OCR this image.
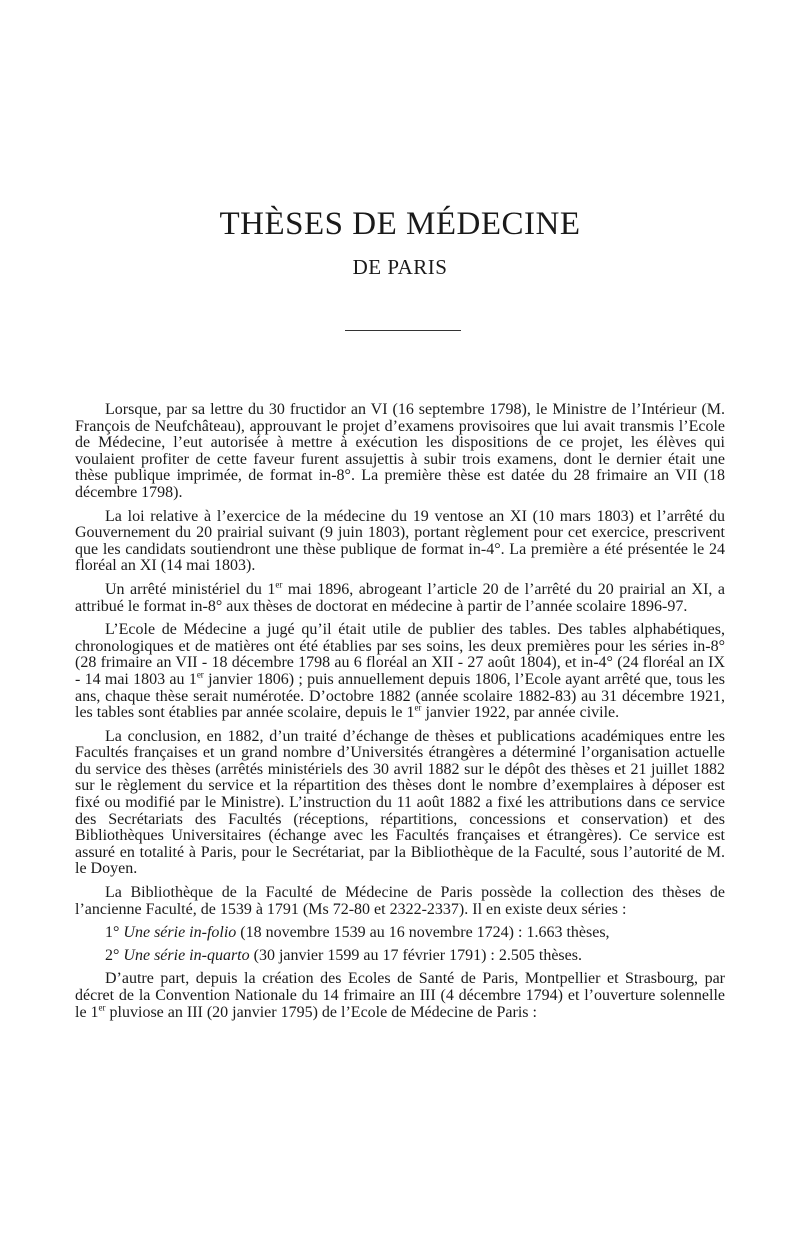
THÈSES DE MÉDECINE
DE PARIS

Lorsque, par sa lettre du 30 fructidor an VI (16 septembre 1798), le Ministre de l’Intérieur (M. François de Neufchâteau), approuvant le projet d’examens provisoires que lui avait transmis l’Ecole de Médecine, l’eut autorisée à mettre à exécution les dispositions de ce projet, les élèves qui voulaient profiter de cette faveur furent assujettis à subir trois examens, dont le dernier était une thèse publique imprimée, de format in-8°. La première thèse est datée du 28 frimaire an VII (18 décembre 1798).

La loi relative à l’exercice de la médecine du 19 ventose an XI (10 mars 1803) et l’arrêté du Gouvernement du 20 prairial suivant (9 juin 1803), portant règlement pour cet exercice, prescrivent que les candidats soutiendront une thèse publique de format in-4°. La première a été présentée le 24 floréal an XI (14 mai 1803).

Un arrêté ministériel du 1er mai 1896, abrogeant l’article 20 de l’arrêté du 20 prairial an XI, a attribué le format in-8° aux thèses de doctorat en médecine à partir de l’année scolaire 1896-97.

L’Ecole de Médecine a jugé qu’il était utile de publier des tables. Des tables alphabétiques, chronologiques et de matières ont été établies par ses soins, les deux premières pour les séries in-8° (28 frimaire an VII - 18 décembre 1798 au 6 floréal an XII - 27 août 1804), et in-4° (24 floréal an IX - 14 mai 1803 au 1er janvier 1806) ; puis annuellement depuis 1806, l’Ecole ayant arrêté que, tous les ans, chaque thèse serait numérotée. D’octobre 1882 (année scolaire 1882-83) au 31 décembre 1921, les tables sont établies par année scolaire, depuis le 1er janvier 1922, par année civile.

La conclusion, en 1882, d’un traité d’échange de thèses et publications académiques entre les Facultés françaises et un grand nombre d’Universités étrangères a déterminé l’organisation actuelle du service des thèses (arrêtés ministériels des 30 avril 1882 sur le dépôt des thèses et 21 juillet 1882 sur le règlement du service et la répartition des thèses dont le nombre d’exemplaires à déposer est fixé ou modifié par le Ministre). L’instruction du 11 août 1882 a fixé les attributions dans ce service des Secrétariats des Facultés (réceptions, répartitions, concessions et conservation) et des Bibliothèques Universitaires (échange avec les Facultés françaises et étrangères). Ce service est assuré en totalité à Paris, pour le Secrétariat, par la Bibliothèque de la Faculté, sous l’autorité de M. le Doyen.

La Bibliothèque de la Faculté de Médecine de Paris possède la collection des thèses de l’ancienne Faculté, de 1539 à 1791 (Ms 72-80 et 2322-2337). Il en existe deux séries :

1° Une série in-folio (18 novembre 1539 au 16 novembre 1724) : 1.663 thèses,

2° Une série in-quarto (30 janvier 1599 au 17 février 1791) : 2.505 thèses.

D’autre part, depuis la création des Ecoles de Santé de Paris, Montpellier et Strasbourg, par décret de la Convention Nationale du 14 frimaire an III (4 décembre 1794) et l’ouverture solennelle le 1er pluviose an III (20 janvier 1795) de l’Ecole de Médecine de Paris :
